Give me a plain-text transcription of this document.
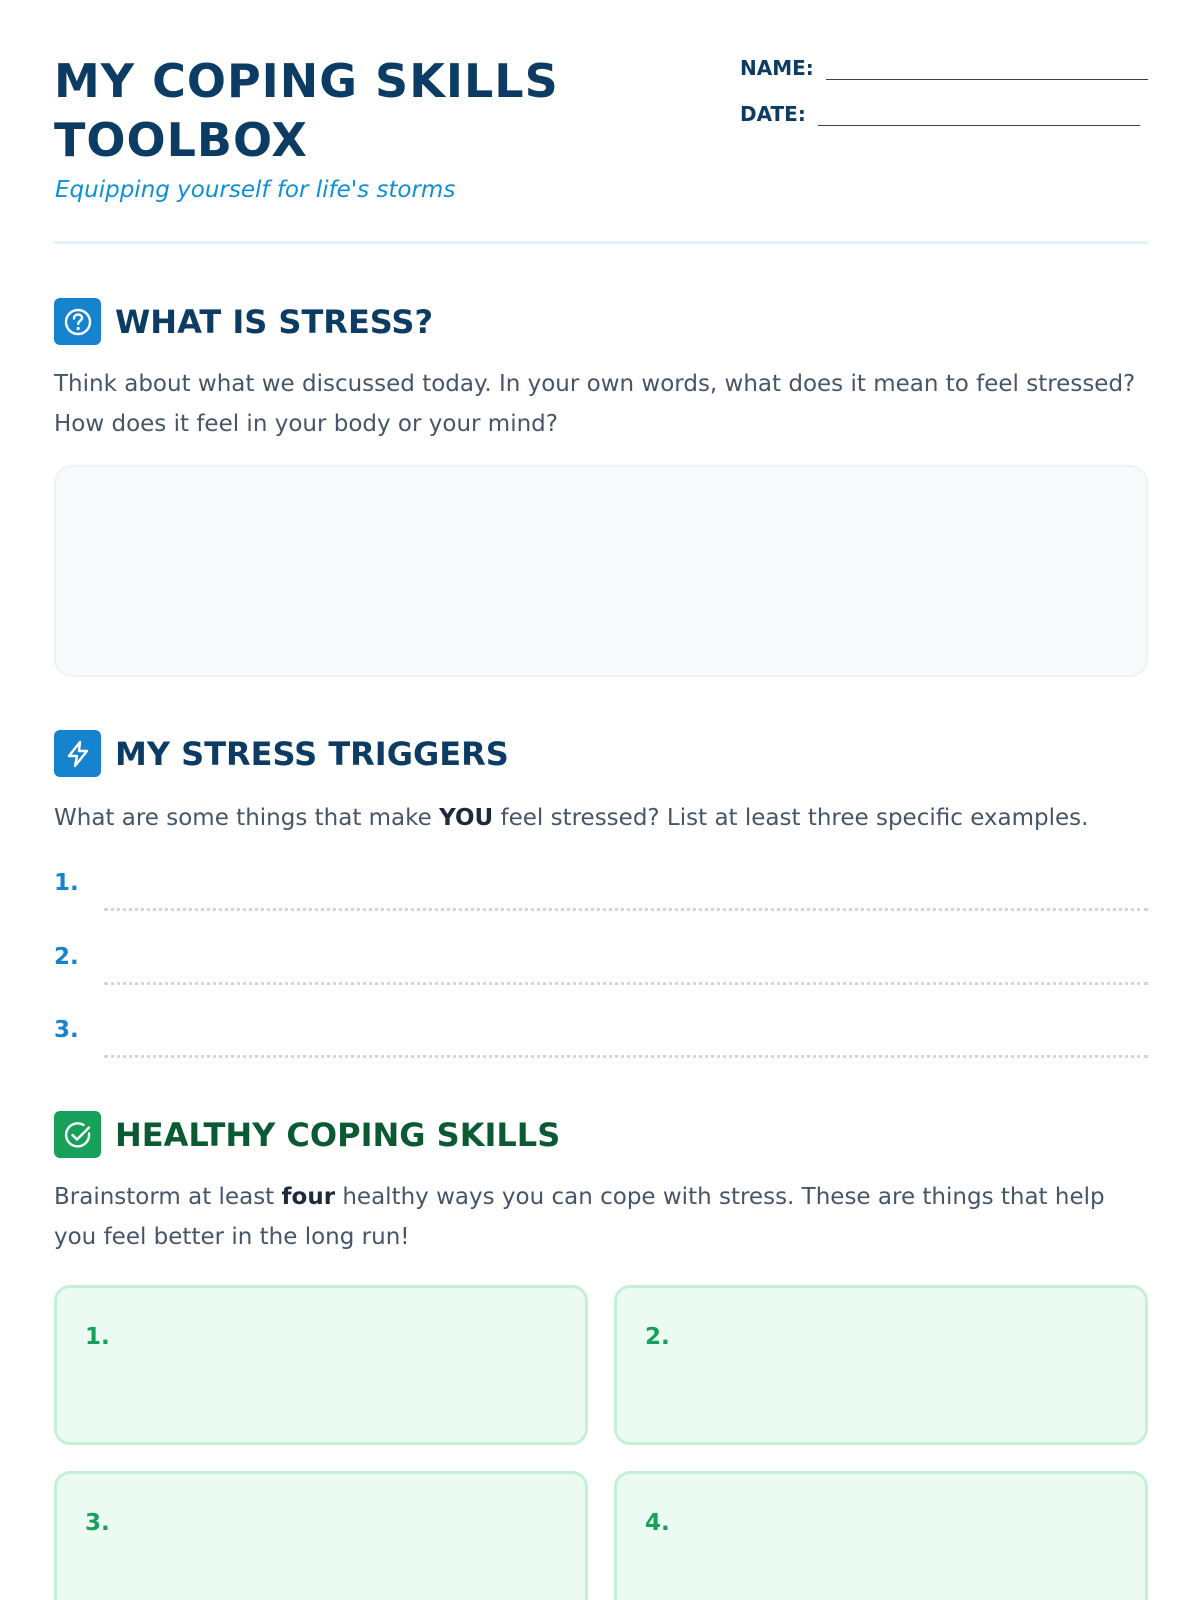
MY COPING SKILLS
TOOLBOX
Equipping yourself for life's storms
NAME:
DATE:
WHAT IS STRESS?

Think about what we discussed today. In your own words, what does it mean to feel stressed? How does it feel in your body or your mind?

MY STRESS TRIGGERS

What are some things that make YOU feel stressed? List at least three specific examples.

1.
2.
3.
HEALTHY COPING SKILLS

Brainstorm at least four healthy ways you can cope with stress. These are things that help you feel better in the long run!

1.	2.
3.	4.
